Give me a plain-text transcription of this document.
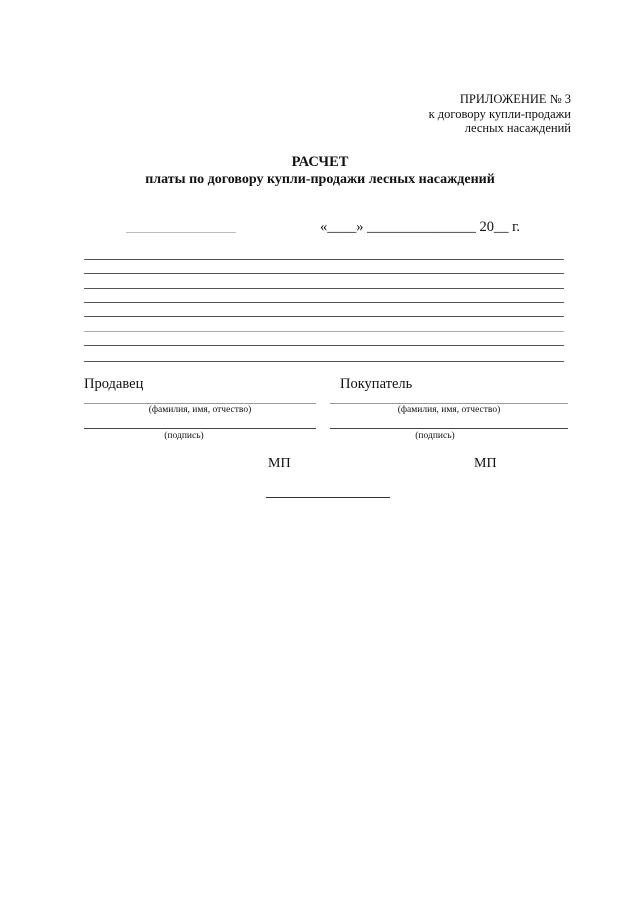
ПРИЛОЖЕНИЕ № 3
к договору купли-продажи
лесных насаждений
РАСЧЕТ
платы по договору купли-продажи лесных насаждений
«____» _______________ 20__ г.
Продавец
(фамилия, имя, отчество)
(подпись)
Покупатель
(фамилия, имя, отчество)
(подпись)
МП	МП
